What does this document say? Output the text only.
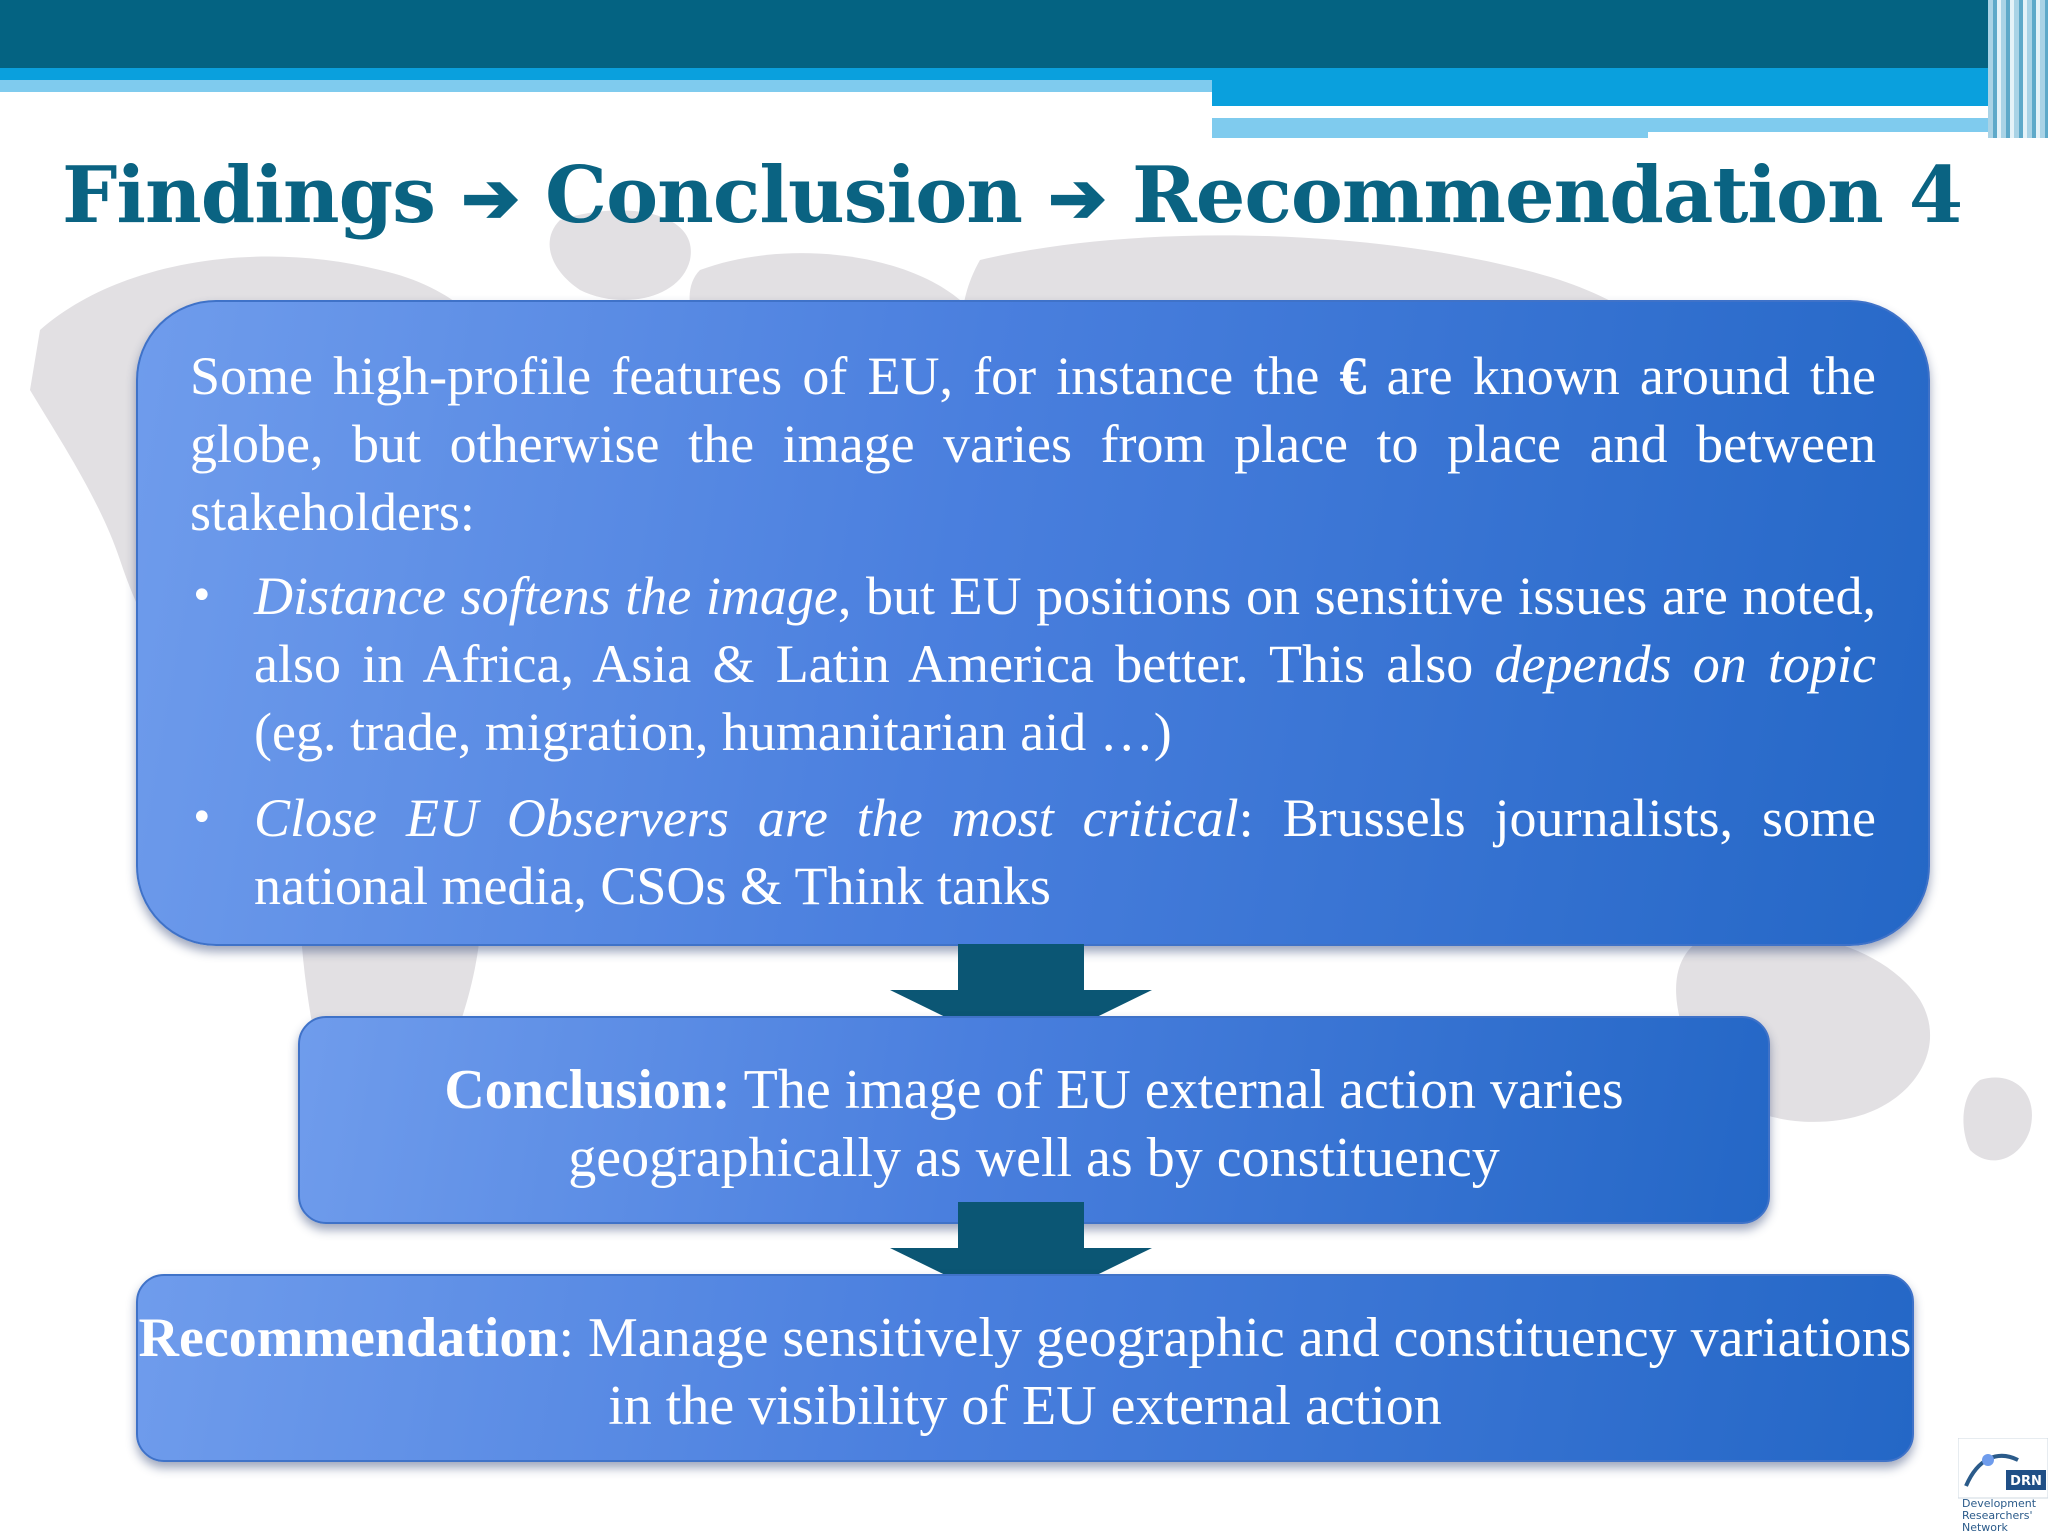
Findings ➔ Conclusion ➔ Recommendation 4
Some high-profile features of EU, for instance the € are known around the globe, but otherwise the image varies from place to place and between stakeholders:
• Distance softens the image, but EU positions on sensitive issues are noted, also in Africa, Asia & Latin America better. This also depends on topic (eg. trade, migration, humanitarian aid …)
• Close EU Observers are the most critical: Brussels journalists, some national media, CSOs & Think tanks
Conclusion: The image of EU external action varies geographically as well as by constituency
Recommendation: Manage sensitively geographic and constituency variations in the visibility of EU external action
DRN
Development Researchers' Network
